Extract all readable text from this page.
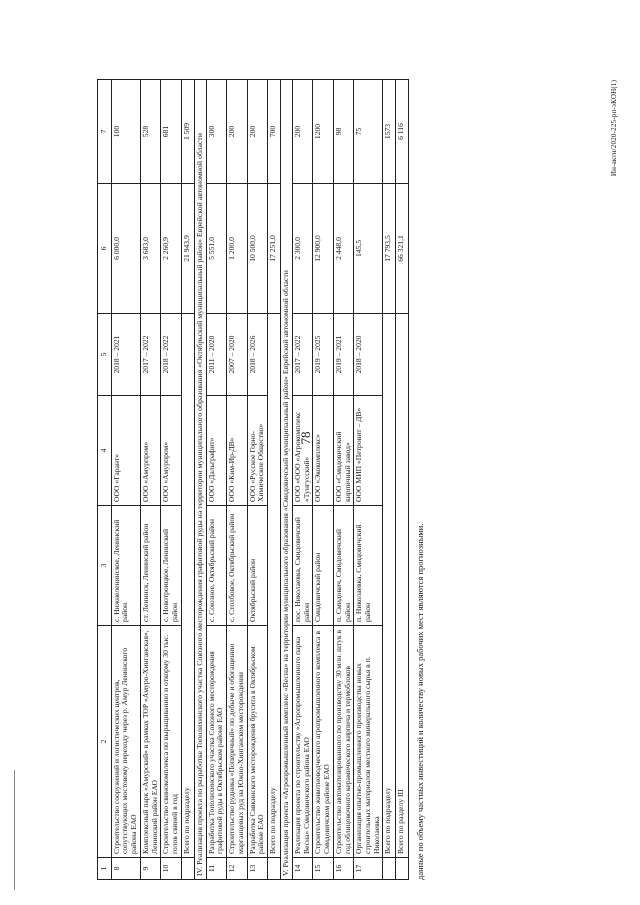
78
Ин-актн/2020-225-рп-эКОН(1)
1	2	3	4	5	6	7
8	Строительство сооружений и логистических центров, сопутствующих мостовому переходу через р. Амур Ленинского района ЕАО	с. Нижнеленинское, Ленинский район	ООО «Гарант»	2018 – 2021	6 000,0	100
9	Комплексный парк «Амурский» в рамках ТОР «Амуро-Хинганская», Ленинский район ЕАО	ст. Ленинск, Ленинский район	ООО «Амурпром»	2017 – 2022	3 683,0	528
10	Строительство свинокомплекса по выращиванию и откорму 30 тыс. голов свиней в год	с. Новотроицкое, Ленинский район	ООО «Амурпром»	2018 – 2022	2 260,9	681
	Всего по подразделу				21 943,9	1 509
IV. Реализация проекта по разработке Тополихинского участка Союзного месторождения графитовой руды на территории муниципального образования «Октябрьский муниципальный район» Еврейской автономной области						
11	Разработка Тополихинского участка Союзного месторождения графитовой руды в Октябрьском районе ЕАО	с. Союзное, Октябрьский район	ООО «Дальграфит»	2011 – 2020	5 551,0	300
12	Строительство рудника «Поперечный» по добыче и обогащению марганцевых руд на Южно-Хинганском месторождении	с. Столбовое, Октябрьский район	ООО «Ким-Ир-ДВ»	2007 – 2020	1 200,0	200
13	Разработка Савкинского месторождения брусита в Октябрьском районе ЕАО	Октябрьский район	ООО «Русское Горно-Химическое Общество»	2018 – 2026	10 500,0	200
	Всего по подразделу				17 251,0	700
V. Реализация проекта «Агропромышленный комплекс «Весна» на территории муниципального образования «Смидовичский муниципальный район» Еврейской автономной области						
14	Реализация проекта по строительству «Агропромышленного парка Весна» Смидовичского района ЕАО	пос. Николаевка, Смидовичский район	ООО «ООО «Агрокомплекс «Тунгусский»	2017 – 2022	2 300,0	200
15	Строительство животноводческого агропромышленного комплекса в Смидовичском районе ЕАО	Смидовичский район	ООО «Экокомплекс»	2019 – 2025	12 900,0	1200
16	Строительство автоматизированного по производству 30 млн. штук в год облицовочного керамического кирпича и термоблоков	п. Смидович, Смидовичский район	ООО «Смидовичский кирпичный завод»	2019 – 2021	2 448,0	98
17	Организация опытно-промышленного производства новых строительных материалов местного минерального сырья в п. Николаевка	п. Николаевка, Смидовичский район	ООО МИП «Петровит – ДВ»	2018 – 2020	145,5	75
	Всего по подразделу				17 793,5	1573
	Всего по разделу III				66 321,1	6 116
данные по объему частных инвестиций и количеству новых рабочих мест являются прогнозными.
